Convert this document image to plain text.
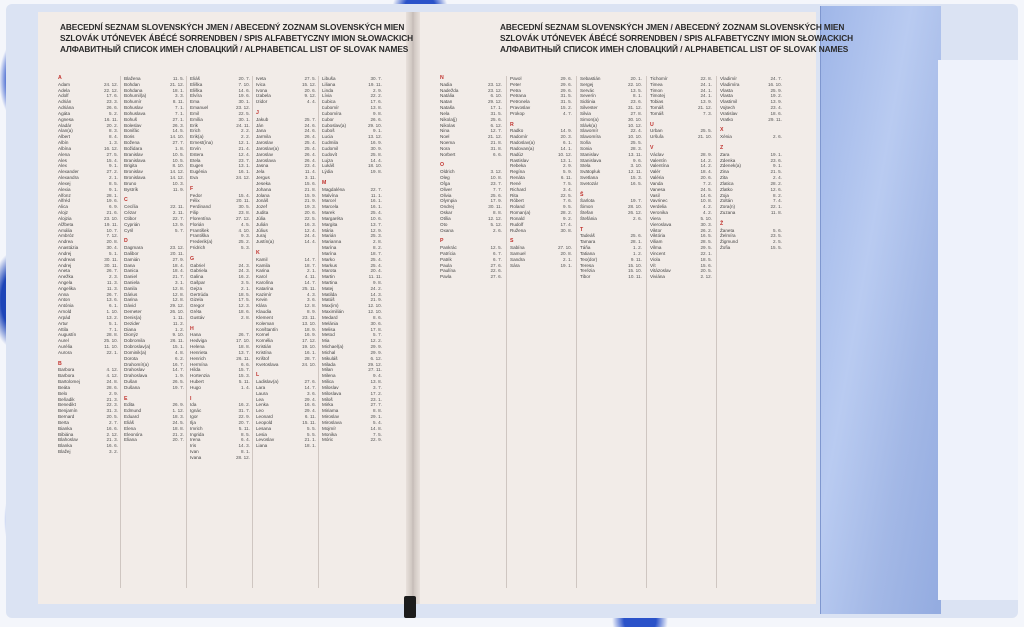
ABECEDNÍ SEZNAM SLOVENSKÝCH JMEN / ABECEDNÝ ZOZNAM SLOVENSKÝCH MIEN
SZLOVÁK UTÓNEVEK ÁBÉCÉ SORRENDBEN / SPIS ALFABETYCZNY IMION SŁOWACKICH
АЛФАВИТНЫЙ СПИСОК ИМЕН СЛОВАЦКИЙ / ALPHABETICAL LIST OF SLOVAK NAMES
ABECEDNÍ SEZNAM SLOVENSKÝCH JMEN / ABECEDNÝ ZOZNAM SLOVENSKÝCH MIEN
SZLOVÁK UTÓNEVEK ÁBÉCÉ SORRENDBEN / SPIS ALFABETYCZNY IMION SŁOWACKICH
АЛФАВИТНЫЙ СПИСОК ИМЕН СЛОВАЦКИЙ / ALPHABETICAL LIST OF SLOVAK NAMES
A
Adam	24. 12.
Adela	22. 12.
Adolf	17. 6.
Adrián	23. 3.
Adriána	26. 6.
Agáta	5. 2.
Agnesa	16. 11.
Aladár	20. 2.
Alan(a)	8. 3.
Albert	8. 4.
Albín	1. 3.
Albína	16. 12.
Alena	27. 5.
Ales	15. 4.
Alex	9. 1.
Alexander	27. 2.
Alexandra	2. 1.
Alexej	8. 5.
Alexia	9. 1.
Alfonz	28. 1.
Alfréd	19. 6.
Alica	6. 9.
Alojz	21. 6.
Alojzia	23. 10.
Alžbeta	19. 11.
Amália	10. 7.
Ambróz	7. 12.
Andrea	20. 8.
Anastázia	30. 4.
Andrej	5. 1.
Andreas	30. 11.
Andrej	30. 11.
Aneta	26. 7.
Anežka	2. 3.
Angela	11. 3.
Angelika	11. 3.
Anna	26. 7.
Anton	13. 6.
Antónia	6. 1.
Arnold	1. 10.
Arpád	13. 2.
Artur	5. 1.
Attila	7. 1.
Augustín	28. 8.
Aurel	25. 10.
Aurélia	11. 10.
Aurora	22. 1.
B
Barbora	4. 12.
Barbora	4. 12.
Bartolomej	24. 8.
Beáta	28. 6.
Belo	2. 9.
Beňadik	21. 3.
Benedikt	22. 3.
Benjamín	31. 3.
Bernard	20. 5.
Berta	2. 7.
Bianka	16. 6.
Bibiána	2. 12.
Blahoslav	21. 3.
Blanka	16. 6.
Blažej	3. 2.
Blažena	11. 5.
Bohdan	21. 12.
Bohdana	18. 1.
Bohumil(a)	3. 3.
Bohumír	8. 11.
Bohuslav	7. 1.
Bohuslava	7. 1.
Bohuš	27. 1.
Boleslav	26. 3.
Bonifác	14. 5.
Boris	14. 10.
Božena	27. 7.
Božidara	1. 8.
Branislav	10. 5.
Branislava	10. 5.
Brigita	8. 10.
Bronislav	14. 12.
Bronislava	14. 12.
Bruno	10. 3.
Bystrík	11. 9.
C
Cecília	22. 11.
Cézar	2. 11.
Ctibor	22. 7.
Cyprián	13. 9.
Cyril	5. 7.
D
Dagmara	23. 12.
Dalibor	20. 11.
Damián	27. 9.
Dana	18. 4.
Danica	18. 4.
Daniel	21. 7.
Daniela	3. 1.
Danila	12. 8.
Dárius	12. 8.
Darina	12. 8.
Dávid	29. 12.
Demeter	26. 10.
Denis(a)	1. 11.
Dezider	11. 2.
Diana	1. 2.
Dionýz	9. 10.
Dobromila	26. 11.
Dobroslav(a)	15. 1.
Dominik(a)	4. 8.
Dorota	6. 2.
Drahomír(a)	16. 7.
Drahoslav	14. 7.
Drahoslava	1. 9.
Dušan	26. 5.
Dušana	19. 7.
E
Edita	26. 9.
Edmund	1. 12.
Eduard	18. 3.
Eliáš	24. 5.
Elena	18. 8.
Eleonóra	21. 2.
Eliana	20. 7.
Eliáš	20. 7.
Eliška	7. 10.
Eliška	14. 6.
Elvíra	19. 6.
Ema	30. 1.
Emanuel	23. 12.
Emil	22. 5.
Emília	30. 1.
Erik	24. 11.
Erich	2. 2.
Erik(a)	2. 2.
Ernest(ína)	12. 1.
Ervín	21. 4.
Estera	12. 4.
Etela	23. 7.
Eugen	13. 1.
Eugénia	16. 1.
Eva	24. 12.
F
Fedor	15. 4.
Félix	20. 11.
Ferdinand	30. 5.
Filip	23. 8.
Florentína	27. 12.
Florián	4. 5.
František	4. 10.
Františka	9. 3.
Frederik(a)	25. 2.
Fridrich	5. 3.
G
Gabriel	24. 3.
Gabriela	24. 3.
Galina	16. 2.
Gašpar	3. 5.
Gejza	2. 1.
Gertrúda	18. 5.
Gizela	17. 5.
Gregor	12. 3.
Gréta	18. 6.
Gustáv	2. 8.
H
Hana	26. 7.
Hedviga	17. 10.
Helena	18. 8.
Henrieta	13. 7.
Henrich	26. 11.
Hermína	6. 6.
Hilda	15. 7.
Hortenzia	15. 3.
Hubert	5. 11.
Hugo	1. 4.
I
Ida	16. 2.
Ignác	31. 7.
Igor	22. 9.
Ilja	20. 7.
Imrich	5. 11.
Ingrida	8. 5.
Irena	6. 4.
Iris	14. 3.
Ivan	8. 1.
Ivana	28. 12.
Iveta	27. 5.
Ivica	15. 12.
Ivona	20. 6.
Izabela	9. 12.
Izidor	4. 4.
J
Jakub	25. 7.
Ján	24. 6.
Jana	24. 6.
Jarmila	26. 4.
Jaroslav	25. 4.
Jaroslav(a)	25. 4.
Jaroslav	26. 4.
Jaroslava	26. 4.
Jasna	23. 4.
Jela	11. 4.
Jergus	3. 11.
Jeseka	15. 6.
Johana	21. 8.
Jolana	15. 9.
Jonáš	21. 9.
Jozef	19. 3.
Judita	20. 6.
Júlia	22. 5.
Julián	16. 3.
Július	12. 4.
Juraj	24. 4.
Justín(a)	14. 4.
K
Kamil	14. 7.
Kamila	18. 7.
Karina	2. 1.
Karol	4. 11.
Karolína	14. 7.
Katarína	25. 11.
Kazimír	4. 3.
Kevin	3. 6.
Klára	12. 8.
Klaudia	8. 9.
Klement	23. 11.
Koleman	13. 10.
Konštantín	18. 9.
Kornel	16. 9.
Kornélia	17. 12.
Kristián	19. 10.
Kristína	16. 1.
Krištof	28. 7.
Kvetoslava	24. 10.
L
Ladislav(a)	27. 6.
Lara	14. 7.
Laura	3. 6.
Lea	29. 4.
Lenka	16. 6.
Leo	29. 4.
Leonard	6. 11.
Leopold	15. 11.
Lesana	5. 5.
Lesia	5. 5.
Levoslav	21. 1.
Liana	18. 1.
Libuša	30. 7.
Liliana	19. 11.
Linda	2. 9.
Lívia	22. 2.
Ľubica	17. 6.
Ľubomír	13. 8.
Ľubomíra	9. 8.
Ľubor	26. 6.
Ľuboslav(a)	29. 10.
Ľuboš	9. 1.
Lucia	13. 12.
Ľudmila	16. 9.
Ľudomil	30. 9.
Ľudovít	25. 8.
Lujza	14. 4.
Lukáš	18. 10.
Lýdia	19. 8.
M
Magdaléna	22. 7.
Malvína	11. 1.
Marcel	16. 1.
Marcela	16. 1.
Marek	25. 4.
Margaréta	10. 6.
Margita	13. 7.
Mária	12. 9.
Marián	25. 3.
Marianna	2. 8.
Marína	8. 2.
Marína	18. 7.
Marko	25. 4.
Markus	25. 4.
Marota	20. 4.
Martin	11. 11.
Martina	9. 8.
Matej	24. 2.
Matilda	14. 3.
Matúš	21. 9.
Max(im)	12. 10.
Maximilián	12. 10.
Medard	8. 6.
Melánia	30. 6.
Melisa	17. 8.
Metod	5. 7.
Mia	12. 2.
Michael(a)	29. 9.
Michal	29. 9.
Mikuláš	6. 12.
Milada	29. 12.
Milan	27. 11.
Milena	9. 4.
Milica	13. 8.
Miloslav	3. 7.
Miloslava	17. 2.
Miloš	23. 1.
Mirka	27. 7.
Miriama	8. 8.
Miroslav	29. 1.
Miroslava	5. 4.
Mojmír	14. 8.
Monika	7. 5.
Móric	22. 9.
N
Nadia	23. 12.
Nadežda	23. 12.
Natália	6. 10.
Natan	29. 12.
Nataša	17. 1.
Nela	31. 5.
Nikola(j)	25. 6.
Nikolas	6. 12.
Nina	12. 7.
Noel	21. 12.
Noema	21. 8.
Nora	31. 8.
Norbert	6. 6.
O
Oldrich	3. 12.
Oleg	10. 8.
Oľga	23. 7.
Oliver	7. 7.
Olivia	25. 6.
Olympia	17. 9.
Ondrej	30. 11.
Oskar	8. 8.
Otília	12. 12.
Oto	5. 12.
Oxana	2. 6.
P
Pankrác	12. 5.
Patrícia	6. 7.
Patrik	6. 7.
Paula	27. 6.
Paulína	22. 6.
Pavla	27. 6.
Pavol	29. 6.
Peter	29. 6.
Petra	29. 6.
Petrana	31. 5.
Petronela	31. 5.
Pravoslav	15. 2.
Prokop	4. 7.
R
Radko	14. 9.
Radomír	20. 3.
Radoslav(a)	6. 1.
Radovan(a)	14. 1.
Radúz	10. 12.
Rastislav	13. 1.
Rebeka	2. 9.
Regína	5. 9.
Renáta	6. 11.
René	7. 5.
Richard	3. 4.
Rita	22. 5.
Róbert	7. 6.
Roland	9. 5.
Roman(a)	28. 2.
Ronald	9. 2.
Rudolf	17. 4.
Ružena	30. 8.
S
Sabína	27. 10.
Samuel	20. 8.
Sandra	2. 1.
Sára	19. 1.
Sebastián	20. 1.
Sergej	22. 10.
Servác	13. 5.
Severín	8. 1.
Sidónia	23. 6.
Silvester	31. 12.
Silvia	27. 8.
Simon(a)	30. 10.
Slávk(a)	10. 12.
Slavomír	22. 4.
Slavomíra	10. 10.
Soňa	25. 5.
Sonia	28. 3.
Stanislav	13. 11.
Stanislava	9. 6.
Stela	3. 10.
Svätopluk	12. 11.
Svetlana	15. 3.
Svetozár	16. 5.
Š
Šarlota	19. 7.
Šimon	28. 10.
Štefan	26. 12.
Štefánia	2. 6.
T
Tadeáš	25. 6.
Tamara	28. 1.
Táňa	1. 2.
Tatiana	1. 2.
Teo(dor)	9. 11.
Teresa	15. 10.
Terézia	15. 10.
Tibor	10. 11.
Tichomír	22. 8.
Timea	24. 1.
Timon	24. 1.
Timotej	24. 1.
Tobias	13. 9.
Tomáš	21. 12.
Tomáš	7. 3.
U
Urban	25. 5.
Uršuľa	21. 10.
V
Václav	28. 9.
Valentín	14. 2.
Valentína	14. 2.
Valér	18. 4.
Valéria	20. 6.
Vanda	7. 2.
Vanesa	24. 5.
Vasil	14. 6.
Vavrinec	10. 8.
Verdelia	4. 2.
Veronika	4. 2.
Viera	5. 10.
Vieroslava	30. 3.
Viktor	26. 2.
Viktória	16. 5.
Viliam	28. 5.
Vilma	29. 5.
Vincent	22. 1.
Viola	18. 5.
Vít	15. 6.
Vitázoslav	20. 5.
Viviána	2. 12.
Vladimír	24. 7.
Vladimíra	16. 10.
Vlasta	25. 9.
Vlasta	19. 2.
Vlastimil	13. 9.
Vojtech	23. 4.
Vratislav	18. 6.
Vratko	29. 11.
X
Xénia	2. 6.
Z
Zara	19. 1.
Zdenka	23. 6.
Zdenek(a)	9. 1.
Zina	21. 5.
Zita	2. 4.
Zlatica	28. 2.
Zlatko	12. 6.
Zoja	8. 2.
Zoltán	7. 4.
Zora(n)	22. 1.
Zuzana	11. 8.
Ž
Žaneta	5. 6.
Želmíra	23. 5.
Žigmund	2. 5.
Žofia	15. 5.
